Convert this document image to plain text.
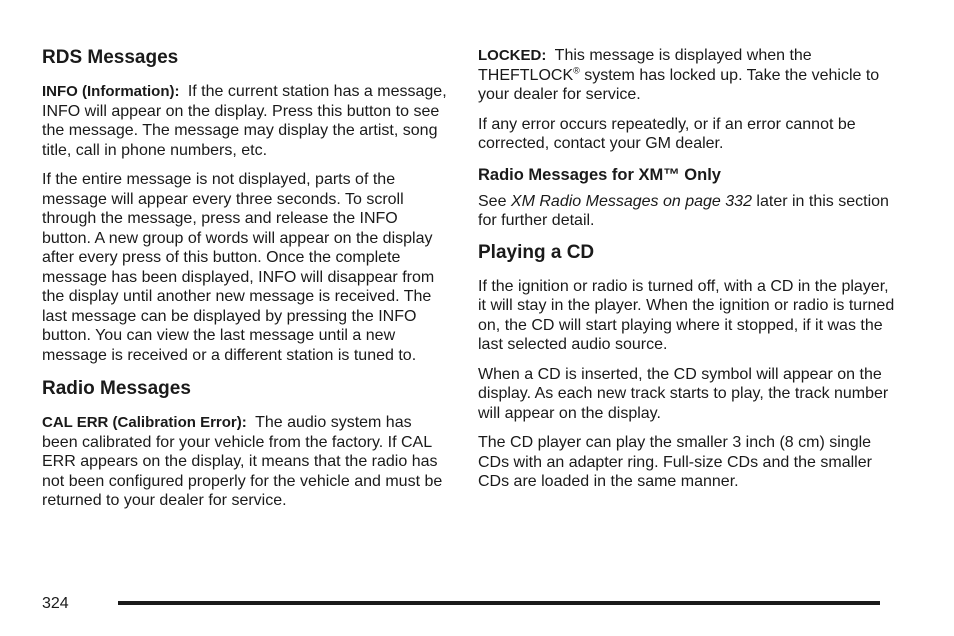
RDS Messages

INFO (Information): If the current station has a message, INFO will appear on the display. Press this button to see the message. The message may display the artist, song title, call in phone numbers, etc.

If the entire message is not displayed, parts of the message will appear every three seconds. To scroll through the message, press and release the INFO button. A new group of words will appear on the display after every press of this button. Once the complete message has been displayed, INFO will disappear from the display until another new message is received. The last message can be displayed by pressing the INFO button. You can view the last message until a new message is received or a different station is tuned to.

Radio Messages

CAL ERR (Calibration Error): The audio system has been calibrated for your vehicle from the factory. If CAL ERR appears on the display, it means that the radio has not been configured properly for the vehicle and must be returned to your dealer for service.

LOCKED: This message is displayed when the THEFTLOCK® system has locked up. Take the vehicle to your dealer for service.

If any error occurs repeatedly, or if an error cannot be corrected, contact your GM dealer.

Radio Messages for XM™ Only

See XM Radio Messages on page 332 later in this section for further detail.

Playing a CD

If the ignition or radio is turned off, with a CD in the player, it will stay in the player. When the ignition or radio is turned on, the CD will start playing where it stopped, if it was the last selected audio source.

When a CD is inserted, the CD symbol will appear on the display. As each new track starts to play, the track number will appear on the display.

The CD player can play the smaller 3 inch (8 cm) single CDs with an adapter ring. Full-size CDs and the smaller CDs are loaded in the same manner.

324
